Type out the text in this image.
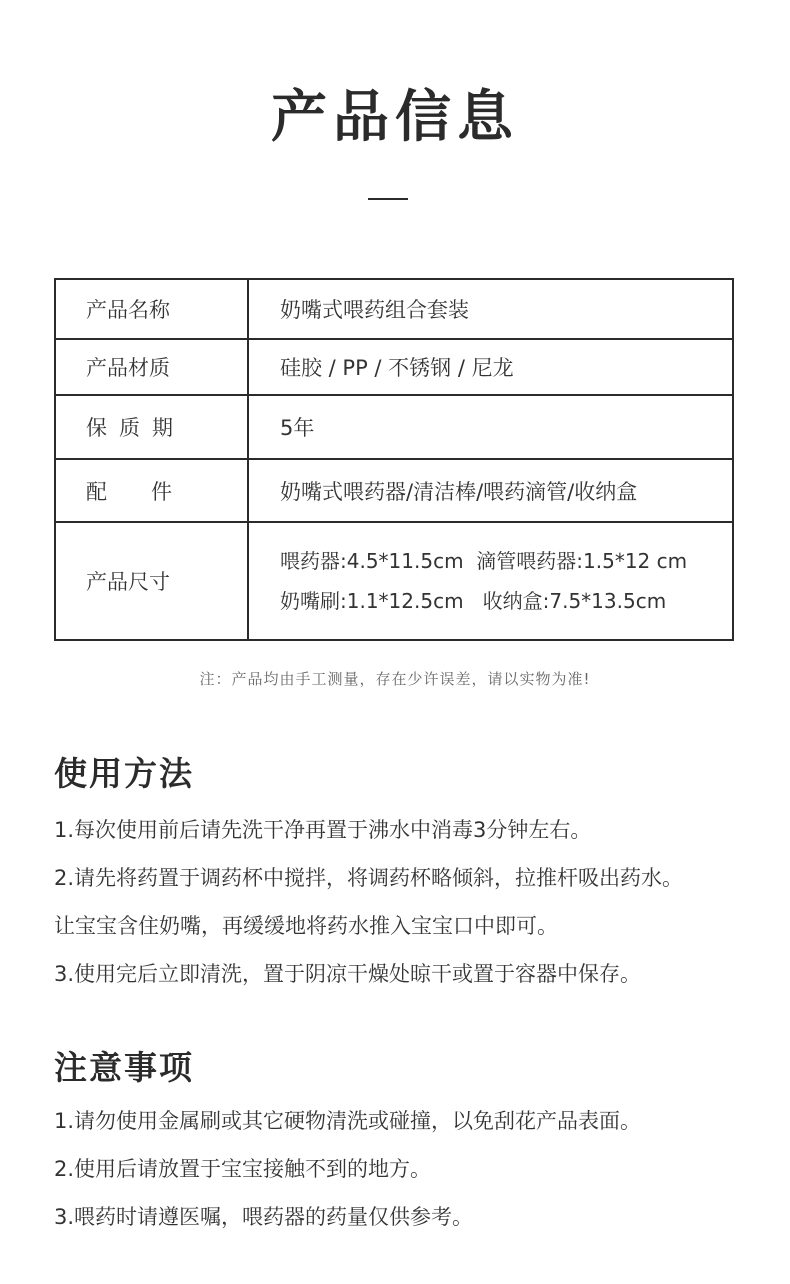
产品信息
产品名称	奶嘴式喂药组合套装
产品材质	硅胶 / PP / 不锈钢 / 尼龙
保质期	5年
配件	奶嘴式喂药器/清洁棒/喂药滴管/收纳盒
产品尺寸	喂药器:4.5*11.5cm  滴管喂药器:1.5*12 cm
奶嘴刷:1.1*12.5cm   收纳盒:7.5*13.5cm
注：产品均由手工测量，存在少许误差，请以实物为准!
使用方法
1.每次使用前后请先洗干净再置于沸水中消毒3分钟左右。
2.请先将药置于调药杯中搅拌，将调药杯略倾斜，拉推杆吸出药水。
让宝宝含住奶嘴，再缓缓地将药水推入宝宝口中即可。
3.使用完后立即清洗，置于阴凉干燥处晾干或置于容器中保存。
注意事项
1.请勿使用金属刷或其它硬物清洗或碰撞，以免刮花产品表面。
2.使用后请放置于宝宝接触不到的地方。
3.喂药时请遵医嘱，喂药器的药量仅供参考。
